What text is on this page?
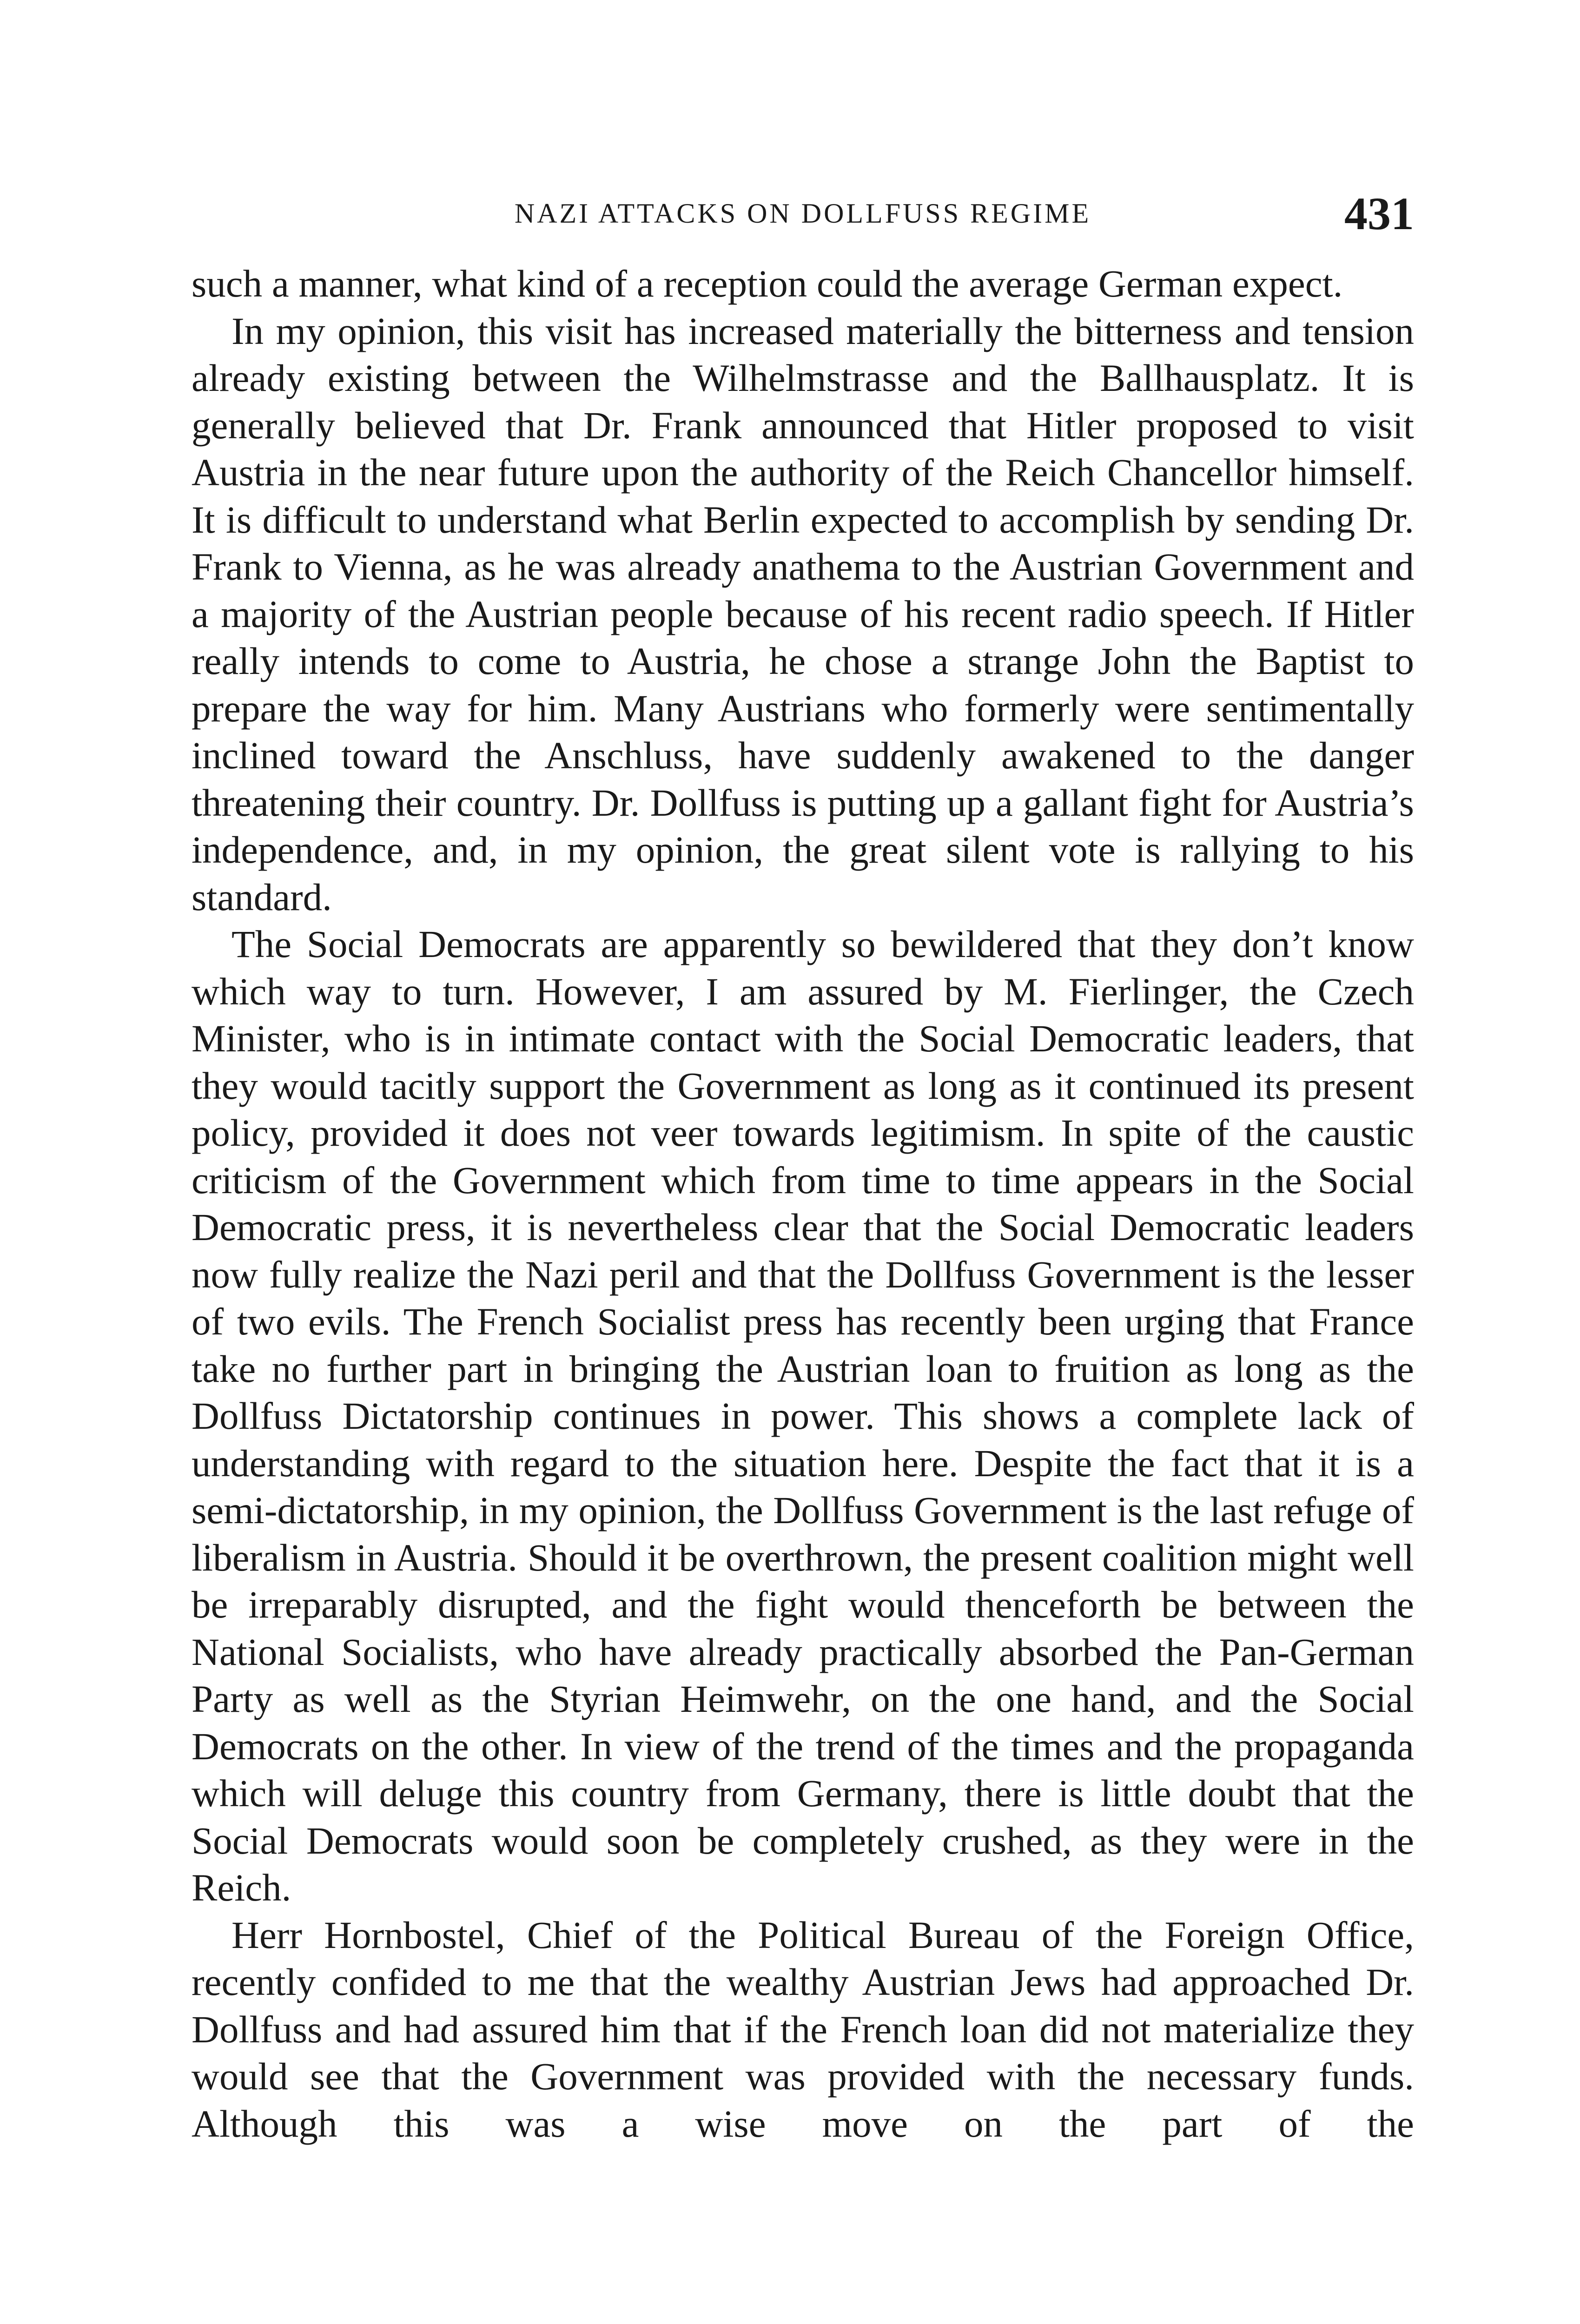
NAZI ATTACKS ON DOLLFUSS REGIME	431

such a manner, what kind of a reception could the average German expect.

In my opinion, this visit has increased materially the bitterness and tension already existing between the Wilhelmstrasse and the Ballhausplatz. It is generally believed that Dr. Frank announced that Hitler proposed to visit Austria in the near future upon the authority of the Reich Chancellor himself. It is difficult to understand what Berlin expected to accomplish by sending Dr. Frank to Vienna, as he was already anathema to the Austrian Government and a majority of the Austrian people because of his recent radio speech. If Hitler really intends to come to Austria, he chose a strange John the Baptist to prepare the way for him. Many Austrians who formerly were sentimentally inclined toward the Anschluss, have suddenly awakened to the danger threatening their country. Dr. Dollfuss is putting up a gallant fight for Austria’s independence, and, in my opinion, the great silent vote is rallying to his standard.

The Social Democrats are apparently so bewildered that they don’t know which way to turn. However, I am assured by M. Fierlinger, the Czech Minister, who is in intimate contact with the Social Democratic leaders, that they would tacitly support the Government as long as it continued its present policy, provided it does not veer towards legitimism. In spite of the caustic criticism of the Government which from time to time appears in the Social Democratic press, it is nevertheless clear that the Social Democratic leaders now fully realize the Nazi peril and that the Dollfuss Government is the lesser of two evils. The French Socialist press has recently been urging that France take no further part in bringing the Austrian loan to fruition as long as the Dollfuss Dictatorship continues in power. This shows a complete lack of understanding with regard to the situation here. Despite the fact that it is a semi-dictatorship, in my opinion, the Dollfuss Government is the last refuge of liberalism in Austria. Should it be overthrown, the present coalition might well be irreparably disrupted, and the fight would thenceforth be between the National Socialists, who have already practically absorbed the Pan-German Party as well as the Styrian Heimwehr, on the one hand, and the Social Democrats on the other. In view of the trend of the times and the propaganda which will deluge this country from Germany, there is little doubt that the Social Democrats would soon be completely crushed, as they were in the Reich.

Herr Hornbostel, Chief of the Political Bureau of the Foreign Office, recently confided to me that the wealthy Austrian Jews had approached Dr. Dollfuss and had assured him that if the French loan did not materialize they would see that the Government was provided with the necessary funds. Although this was a wise move on the part of the
